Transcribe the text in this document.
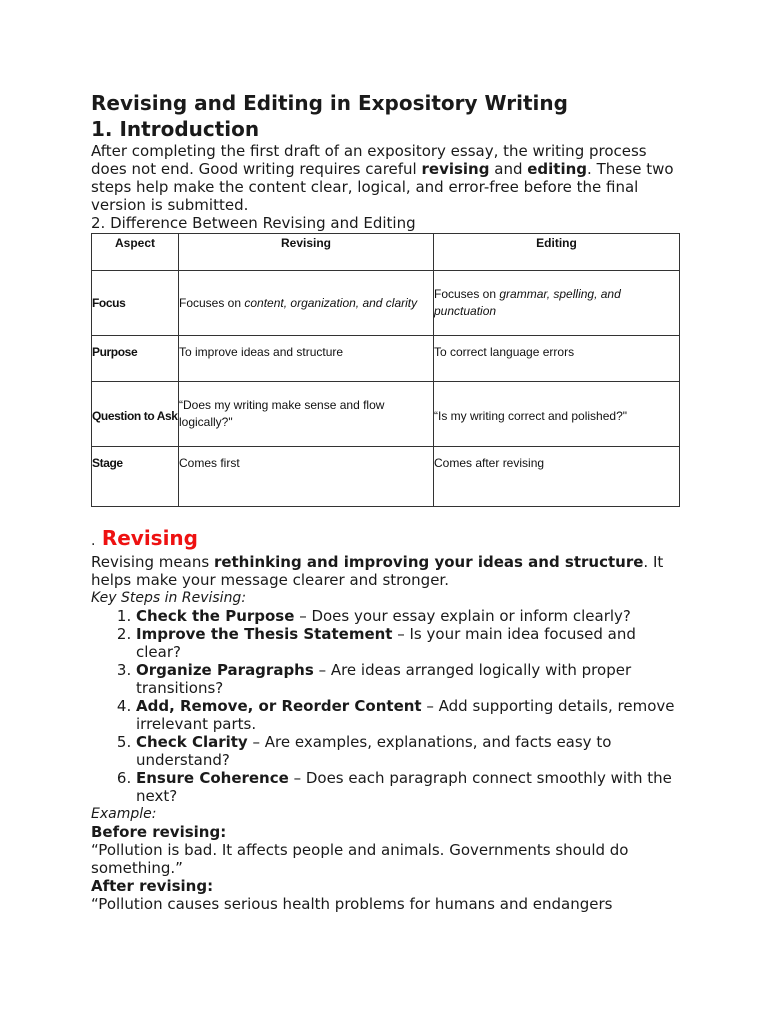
Revising and Editing in Expository Writing
1. Introduction

After completing the first draft of an expository essay, the writing process does not end. Good writing requires careful revising and editing. These two steps help make the content clear, logical, and error-free before the final version is submitted.

2. Difference Between Revising and Editing

Aspect	Revising	Editing
Focus	Focuses on content, organization, and clarity	Focuses on grammar, spelling, and punctuation
Purpose	To improve ideas and structure	To correct language errors
Question to Ask	“Does my writing make sense and flow logically?"	“Is my writing correct and polished?"
Stage	Comes first	Comes after revising
. Revising

Revising means rethinking and improving your ideas and structure. It helps make your message clearer and stronger.

Key Steps in Revising:

1. Check the Purpose – Does your essay explain or inform clearly?
2. Improve the Thesis Statement – Is your main idea focused and clear?
3. Organize Paragraphs – Are ideas arranged logically with proper transitions?
4. Add, Remove, or Reorder Content – Add supporting details, remove irrelevant parts.
5. Check Clarity – Are examples, explanations, and facts easy to understand?
6. Ensure Coherence – Does each paragraph connect smoothly with the next?

Example:

Before revising:

“Pollution is bad. It affects people and animals. Governments should do something.”

After revising:

“Pollution causes serious health problems for humans and endangers
